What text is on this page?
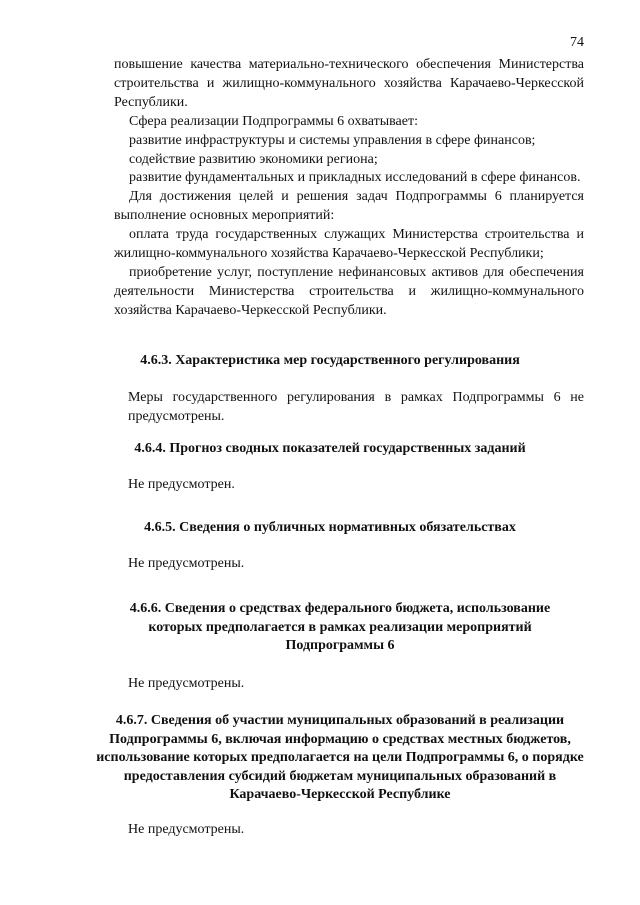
74

повышение качества материально-технического обеспечения Министерства строительства и жилищно-коммунального хозяйства Карачаево-Черкесской Республики.

Сфера реализации Подпрограммы 6 охватывает:

развитие инфраструктуры и системы управления в сфере финансов;

содействие развитию экономики региона;

развитие фундаментальных и прикладных исследований в сфере финансов.

Для достижения целей и решения задач Подпрограммы 6 планируется выполнение основных мероприятий:

оплата труда государственных служащих Министерства строительства и жилищно-коммунального хозяйства Карачаево-Черкесской Республики;

приобретение услуг, поступление нефинансовых активов для обеспечения деятельности Министерства строительства и жилищно-коммунального хозяйства Карачаево-Черкесской Республики.

4.6.3. Характеристика мер государственного регулирования
Меры государственного регулирования в рамках Подпрограммы 6 не предусмотрены.
4.6.4. Прогноз сводных показателей государственных заданий
Не предусмотрен.
4.6.5. Сведения о публичных нормативных обязательствах
Не предусмотрены.
4.6.6. Сведения о средствах федерального бюджета, использование которых предполагается в рамках реализации мероприятий Подпрограммы 6
Не предусмотрены.
4.6.7. Сведения об участии муниципальных образований в реализации Подпрограммы 6, включая информацию о средствах местных бюджетов, использование которых предполагается на цели Подпрограммы 6, о порядке предоставления субсидий бюджетам муниципальных образований в Карачаево-Черкесской Республике
Не предусмотрены.
